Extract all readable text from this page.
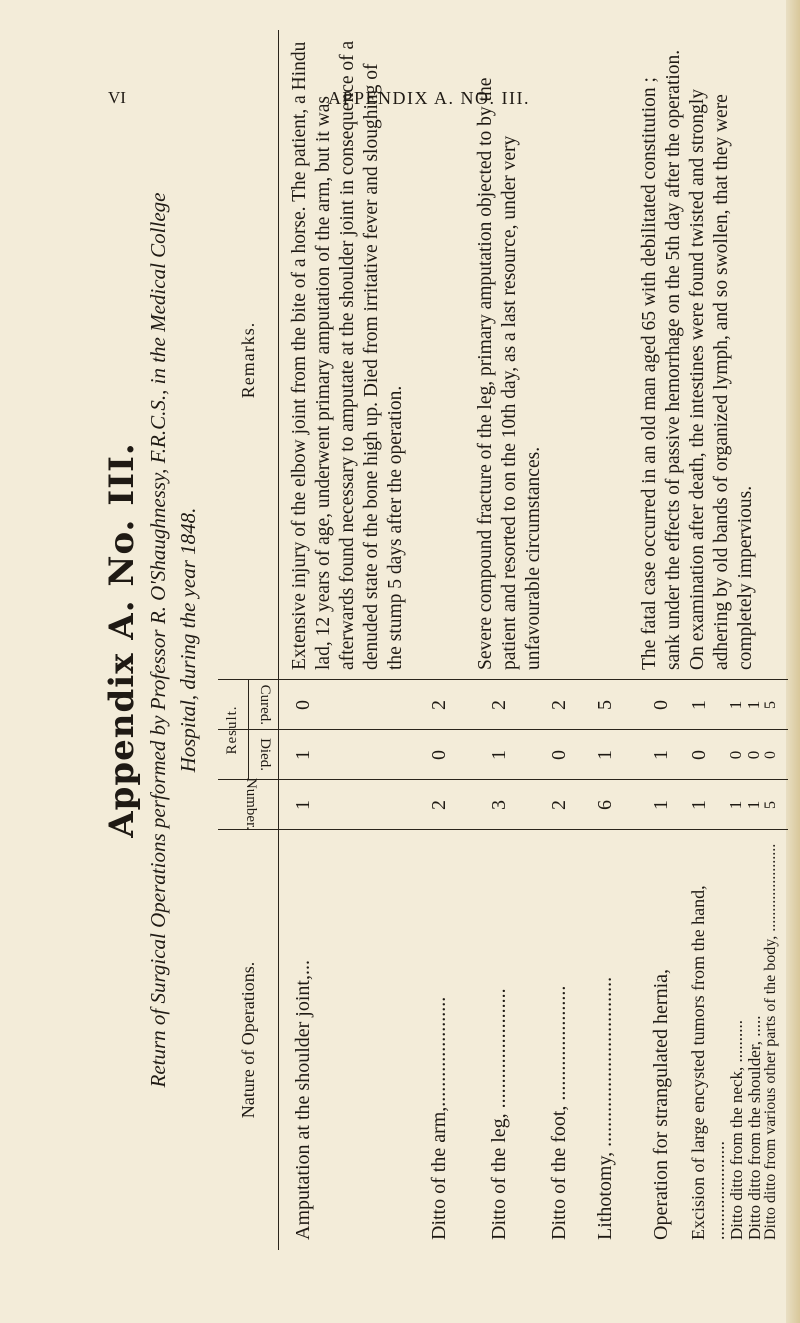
VI	APPENDIX A. NO. III.
Appendix A. No. III. Return of Surgical Operations performed by Professor R. O'Shaughnessy, F.R.C.S., in the Medical College Hospital, during the year 1848.
Nature of Operations.
Number.
Result.
Died.
Cured.
Remarks.
Amputation at the shoulder joint,...
1
1
0
Extensive injury of the elbow joint from the bite of a horse. The patient, a Hindu lad, 12 years of age, underwent primary amputation of the arm, but it was afterwards found necessary to amputate at the shoulder joint in consequence of a denuded state of the bone high up. Died from irritative fever and sloughing of the stump 5 days after the operation.
Ditto of the arm,......................
2
0
2
Ditto of the leg, ........................
3
1
2
Severe compound fracture of the leg, primary amputation objected to by the patient and resorted to on the 10th day, as a last resource, under very unfavourable circumstances.
Ditto of the foot, .......................
2
0
2
Lithotomy, ..................................
6
1
5
Operation for strangulated hernia,
1
1
0
The fatal case occurred in an old man aged 65 with debilitated constitution ; sank under the effects of passive hemorrhage on the 5th day after the operation. On examination after death, the intestines were found twisted and strongly adhering by old bands of organized lymph, and so swollen, that they were completely impervious.
Excision of large encysted tumors from the hand, ......................
1
0
1
Ditto ditto from the neck, ..........
1
0
1
Ditto ditto from the shoulder, .....
1
0
1
Ditto ditto from various other parts of the body, ......................
5
0
5
